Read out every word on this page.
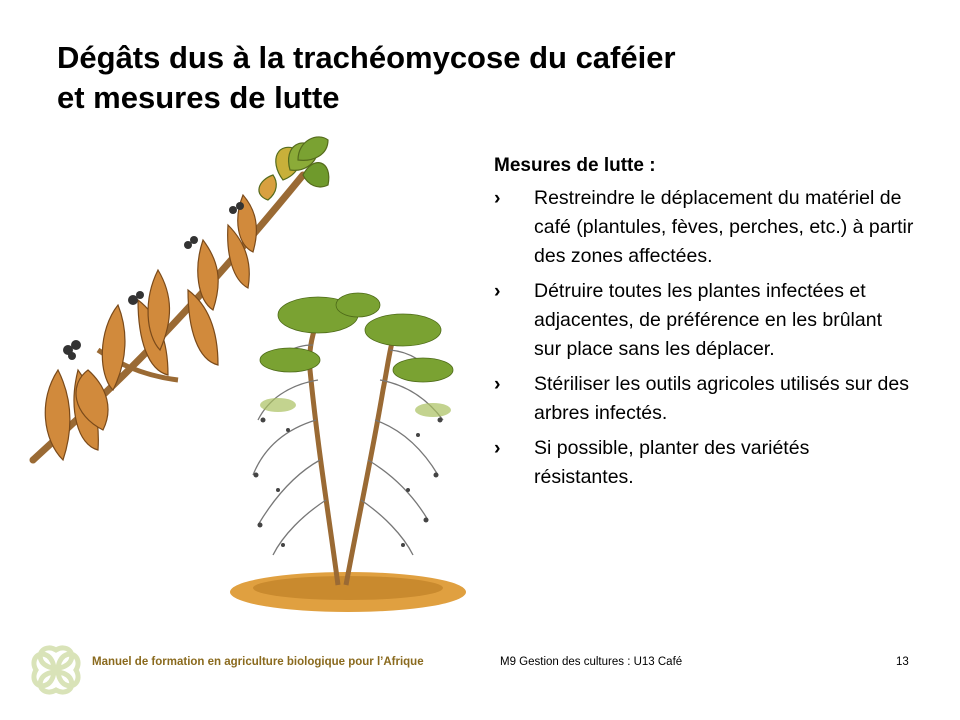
Dégâts dus à la trachéomycose du caféier
et mesures de lutte

Mesures de lutte :

› Restreindre le déplacement du matériel de café (plantules, fèves, perches, etc.) à partir des zones affectées.
› Détruire toutes les plantes infectées et adjacentes, de préférence en les brûlant sur place sans les déplacer.
› Stériliser les outils agricoles utilisés sur des arbres infectés.
› Si possible, planter des variétés résistantes.
Manuel de formation en agriculture biologique pour l’Afrique	M9 Gestion des cultures : U13 Café	13
